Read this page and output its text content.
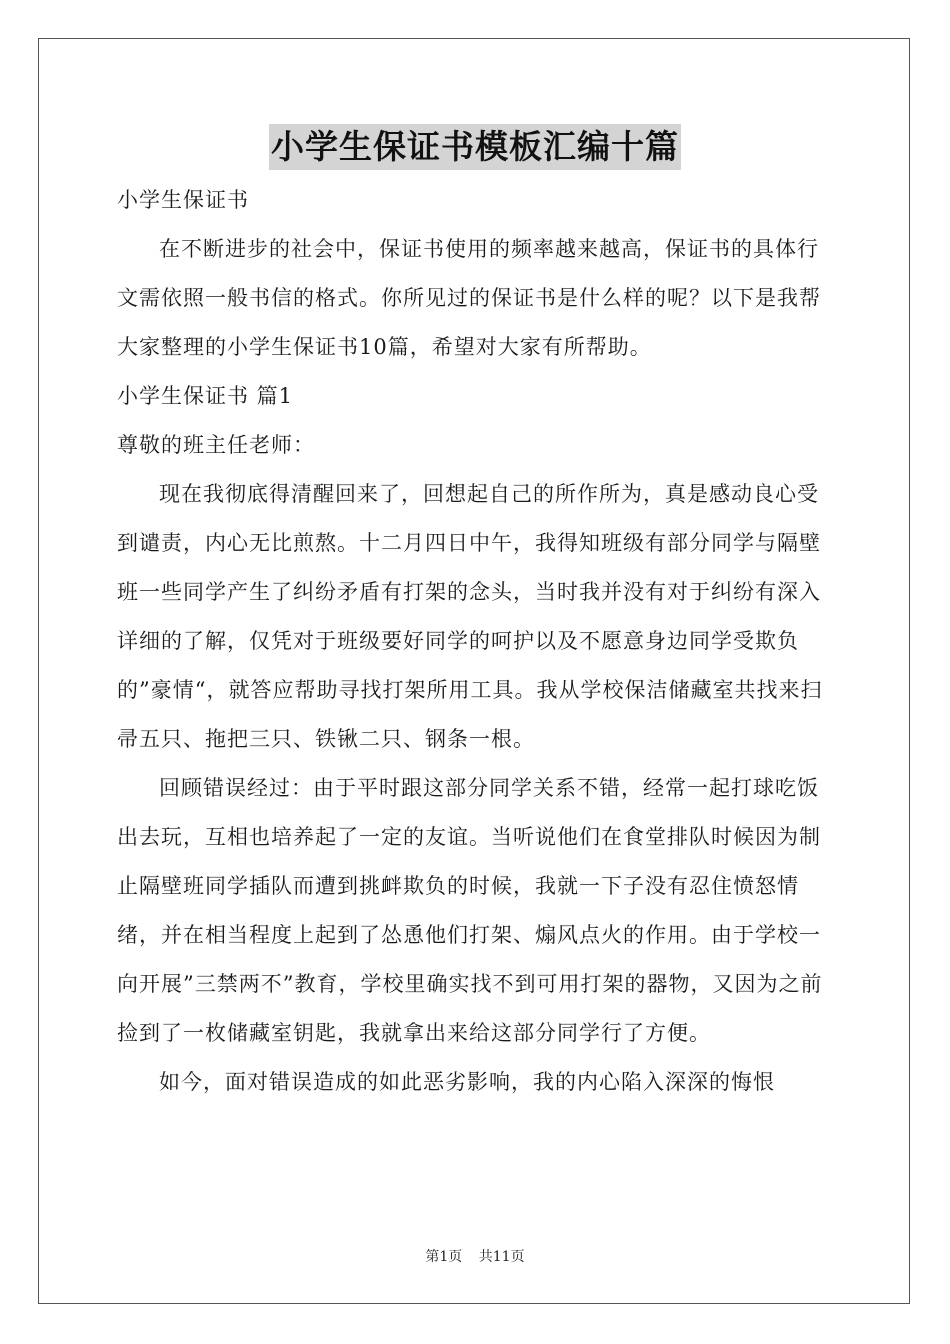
小学生保证书模板汇编十篇

小学生保证书

在不断进步的社会中，保证书使用的频率越来越高，保证书的具体行文需依照一般书信的格式。你所见过的保证书是什么样的呢？以下是我帮大家整理的小学生保证书10篇，希望对大家有所帮助。

小学生保证书 篇1

尊敬的班主任老师：

现在我彻底得清醒回来了，回想起自己的所作所为，真是感动良心受到谴责，内心无比煎熬。十二月四日中午，我得知班级有部分同学与隔壁班一些同学产生了纠纷矛盾有打架的念头，当时我并没有对于纠纷有深入详细的了解，仅凭对于班级要好同学的呵护以及不愿意身边同学受欺负的”豪情“，就答应帮助寻找打架所用工具。我从学校保洁储藏室共找来扫帚五只、拖把三只、铁锹二只、钢条一根。

回顾错误经过：由于平时跟这部分同学关系不错，经常一起打球吃饭出去玩，互相也培养起了一定的友谊。当听说他们在食堂排队时候因为制止隔壁班同学插队而遭到挑衅欺负的时候，我就一下子没有忍住愤怒情绪，并在相当程度上起到了怂恿他们打架、煽风点火的作用。由于学校一向开展”三禁两不”教育，学校里确实找不到可用打架的器物，又因为之前捡到了一枚储藏室钥匙，我就拿出来给这部分同学行了方便。

如今，面对错误造成的如此恶劣影响，我的内心陷入深深的悔恨

第1页 共11页
